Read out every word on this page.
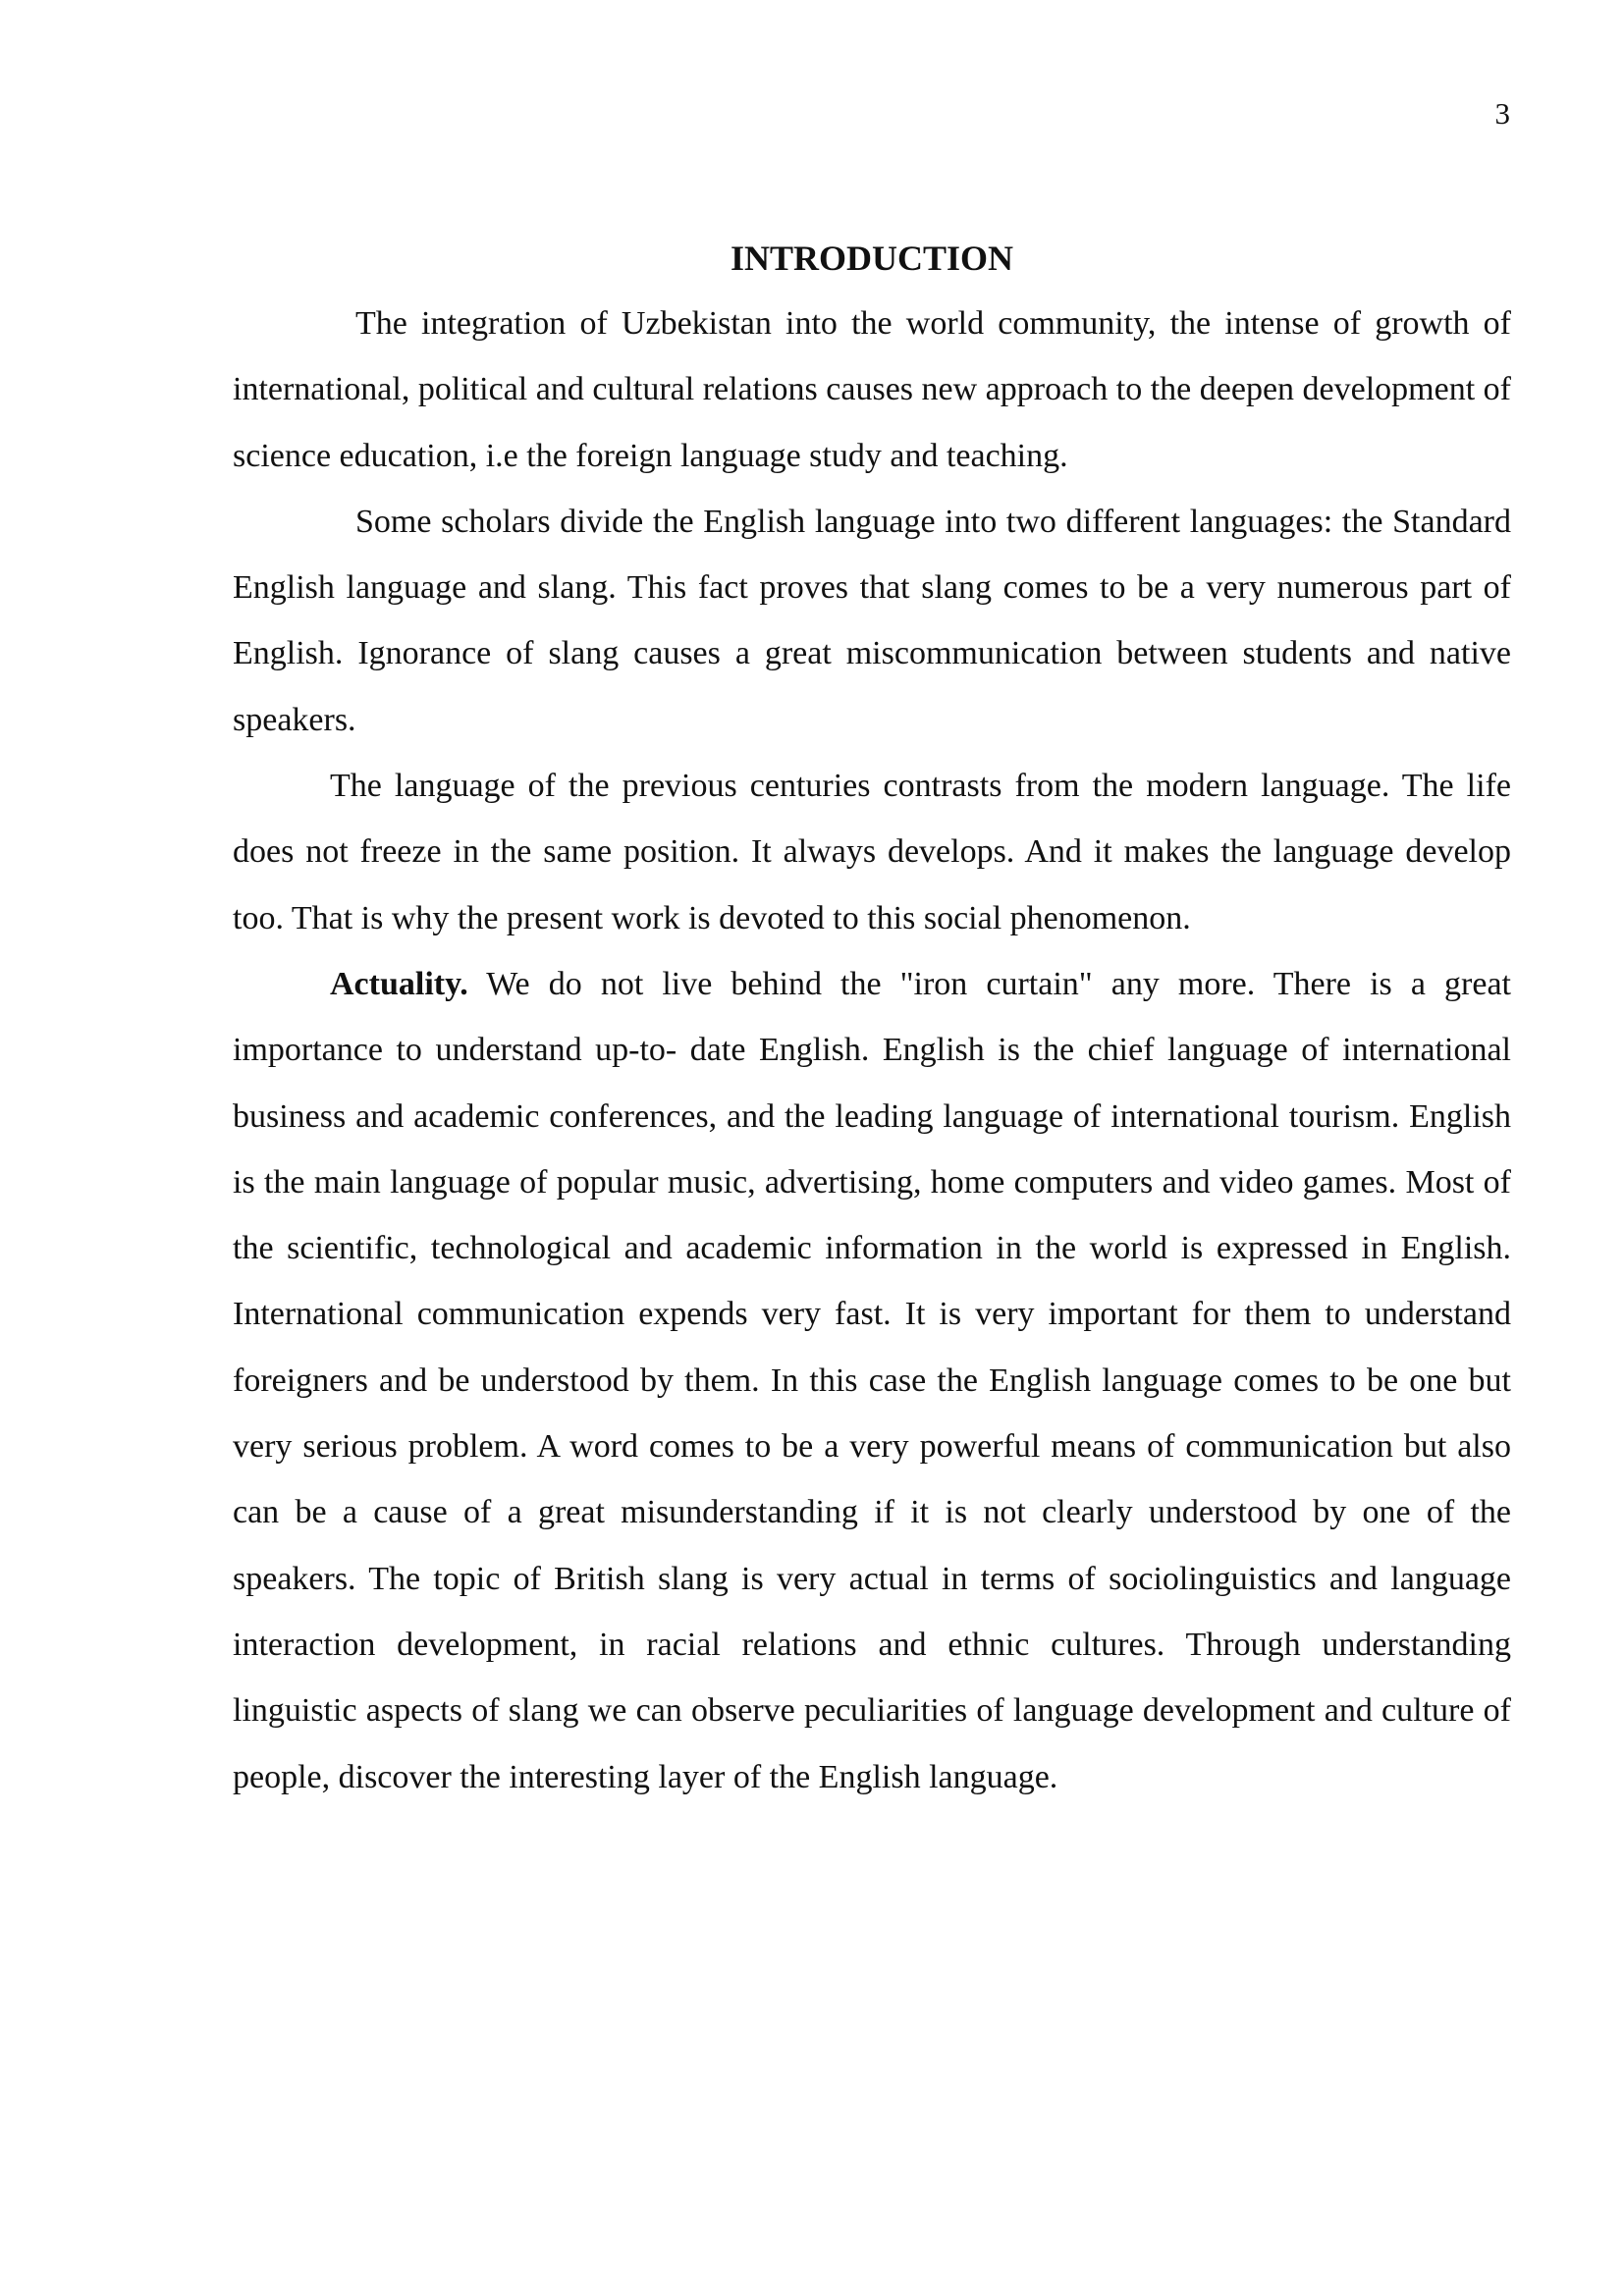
3
INTRODUCTION

The integration of Uzbekistan into the world community, the intense of growth of international, political and cultural relations causes new approach to the deepen development of science education, i.e the foreign language study and teaching.

Some scholars divide the English language into two different languages: the Standard English language and slang. This fact proves that slang comes to be a very numerous part of English. Ignorance of slang causes a great miscommunication between students and native speakers.

The language of the previous centuries contrasts from the modern language. The life does not freeze in the same position. It always develops. And it makes the language develop too. That is why the present work is devoted to this social phenomenon.

Actuality. We do not live behind the "iron curtain" any more. There is a great importance to understand up-to- date English. English is the chief language of international business and academic conferences, and the leading language of international tourism. English is the main language of popular music, advertising, home computers and video games. Most of the scientific, technological and academic information in the world is expressed in English. International communication expends very fast. It is very important for them to understand foreigners and be understood by them. In this case the English language comes to be one but very serious problem. A word comes to be a very powerful means of communication but also can be a cause of a great misunderstanding if it is not clearly understood by one of the speakers. The topic of British slang is very actual in terms of sociolinguistics and language interaction development, in racial relations and ethnic cultures. Through understanding linguistic aspects of slang we can observe peculiarities of language development and culture of people, discover the interesting layer of the English language.
